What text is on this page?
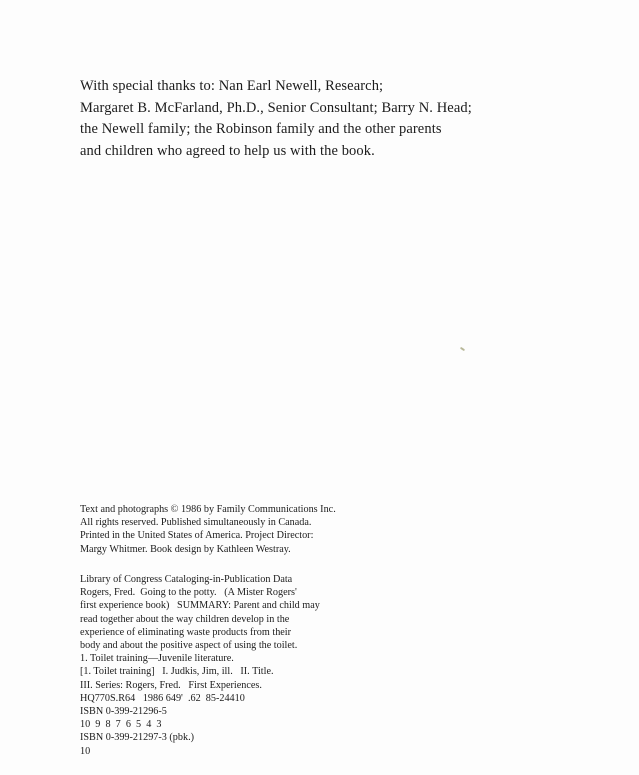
With special thanks to: Nan Earl Newell, Research;
Margaret B. McFarland, Ph.D., Senior Consultant; Barry N. Head;
the Newell family; the Robinson family and the other parents
and children who agreed to help us with the book.
Text and photographs © 1986 by Family Communications Inc.
All rights reserved. Published simultaneously in Canada.
Printed in the United States of America. Project Director:
Margy Whitmer. Book design by Kathleen Westray.
Library of Congress Cataloging-in-Publication Data
Rogers, Fred.  Going to the potty.   (A Mister Rogers'
first experience book)   SUMMARY: Parent and child may
read together about the way children develop in the
experience of eliminating waste products from their
body and about the positive aspect of using the toilet.
1. Toilet training—Juvenile literature.
[1. Toilet training]   I. Judkis, Jim, ill.   II. Title.
III. Series: Rogers, Fred.   First Experiences.
HQ770S.R64   1986 649'  .62  85-24410
ISBN 0-399-21296-5
10  9  8  7  6  5  4  3
ISBN 0-399-21297-3 (pbk.)
10
